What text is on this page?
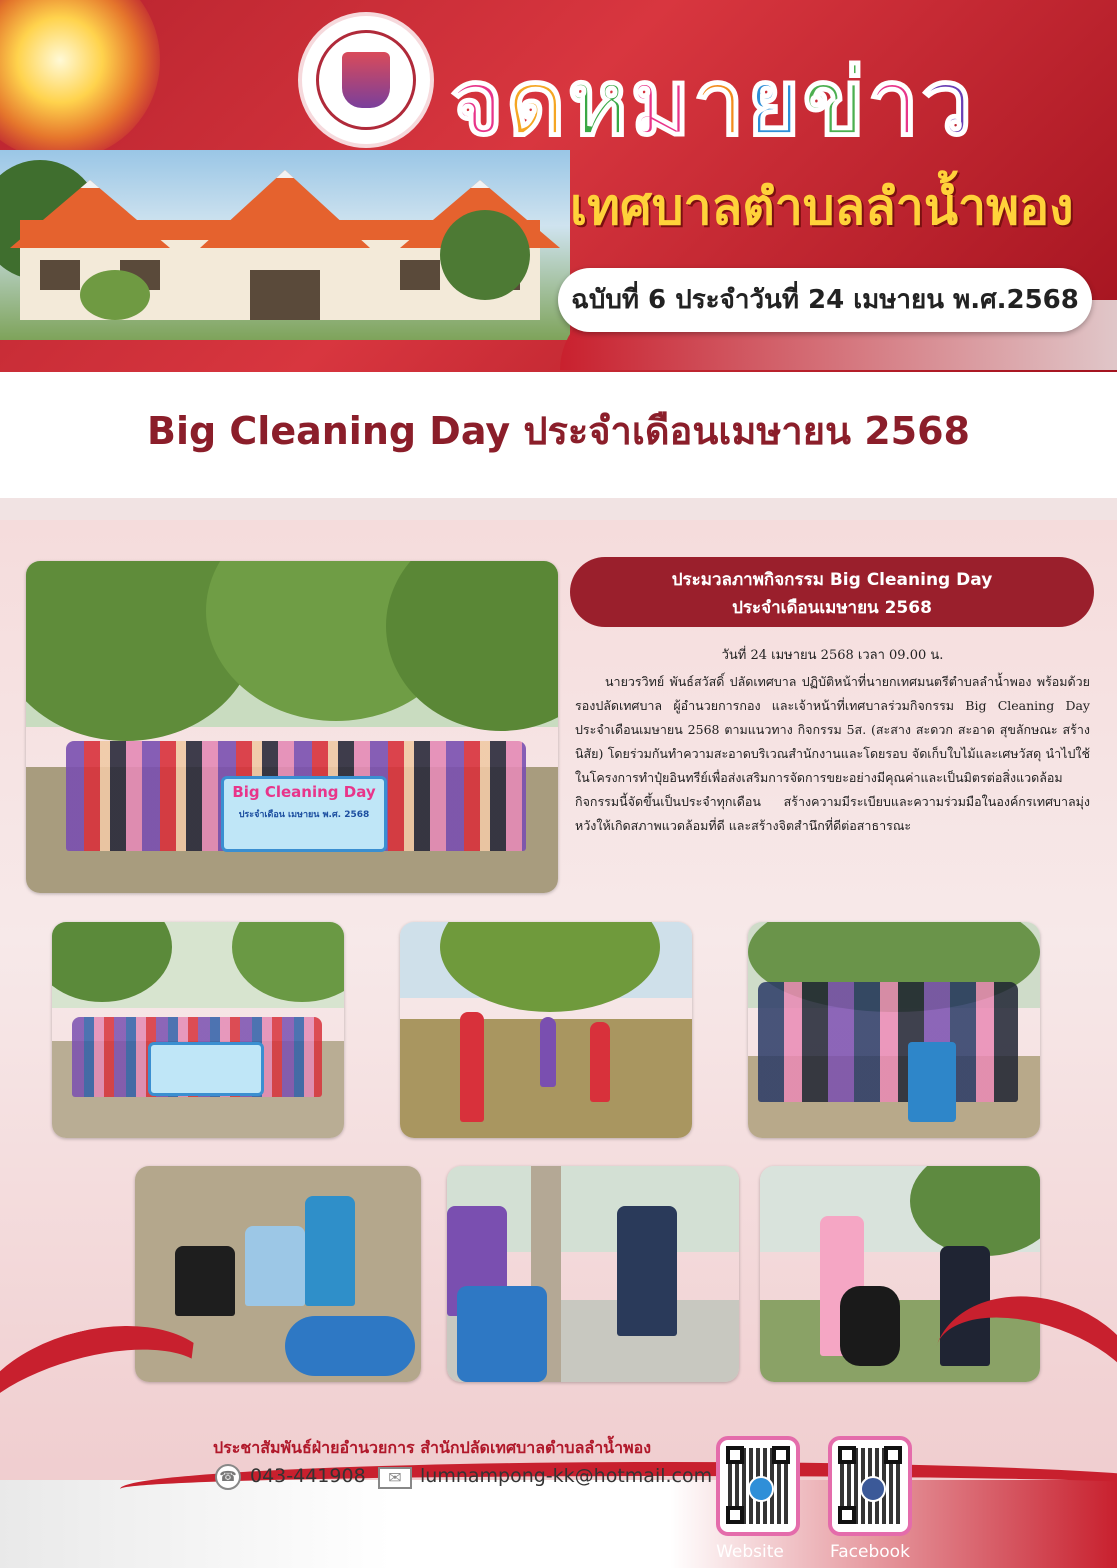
จดหมายข่าว
เทศบาลตำบลลำน้ำพอง
ฉบับที่ 6 ประจำวันที่ 24 เมษายน พ.ศ.2568
Big Cleaning Day ประจำเดือนเมษายน 2568
Big Cleaning Day
ประจำเดือน เมษายน พ.ศ. 2568
ประมวลภาพกิจกรรม Big Cleaning Day
ประจำเดือนเมษายน 2568
วันที่ 24 เมษายน 2568 เวลา 09.00 น.
นายวรวิทย์ พันธ์สวัสดิ์ ปลัดเทศบาล ปฏิบัติหน้าที่นายกเทศมนตรีตำบลลำน้ำพอง พร้อมด้วยรองปลัดเทศบาล ผู้อำนวยการกอง และเจ้าหน้าที่เทศบาลร่วมกิจกรรม Big Cleaning Day ประจำเดือนเมษายน 2568 ตามแนวทาง กิจกรรม 5ส. (สะสาง สะดวก สะอาด สุขลักษณะ สร้างนิสัย) โดยร่วมกันทำความสะอาดบริเวณสำนักงานและโดยรอบ จัดเก็บใบไม้และเศษวัสดุ นำไปใช้ในโครงการทำปุ๋ยอินทรีย์เพื่อส่งเสริมการจัดการขยะอย่างมีคุณค่าและเป็นมิตรต่อสิ่งแวดล้อมกิจกรรมนี้จัดขึ้นเป็นประจำทุกเดือน สร้างความมีระเบียบและความร่วมมือในองค์กรเทศบาลมุ่งหวังให้เกิดสภาพแวดล้อมที่ดี และสร้างจิตสำนึกที่ดีต่อสาธารณะ
ประชาสัมพันธ์ฝ่ายอำนวยการ สำนักปลัดเทศบาลตำบลลำน้ำพอง
☎ 043-441908	✉ lumnampong-kk@hotmail.com
Website	Facebook
